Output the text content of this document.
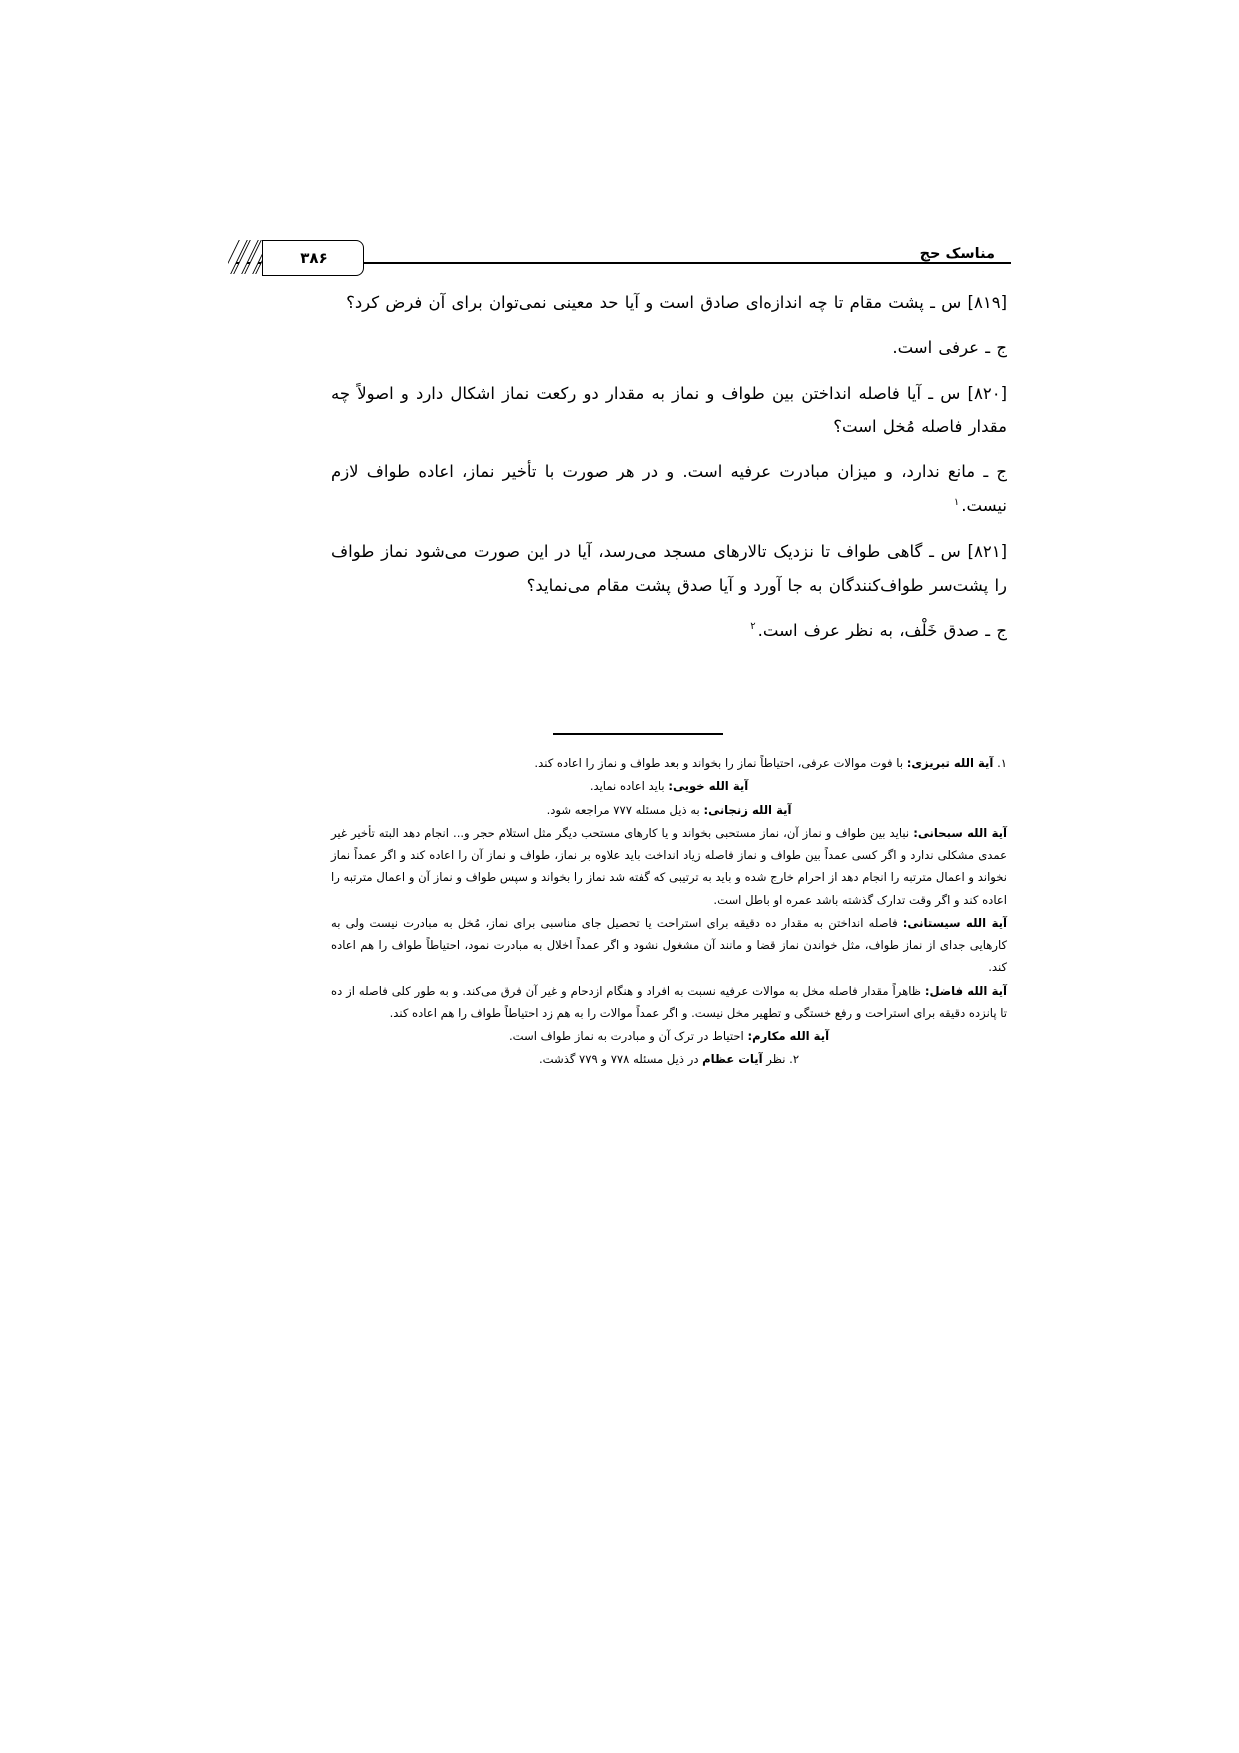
مناسک حج
۳۸۶

[۸۱۹] س ـ پشت مقام تا چه اندازه‌ای صادق است و آیا حد معینی نمی‌توان برای آن فرض کرد؟

ج ـ عرفی است.

[۸۲۰] س ـ آیا فاصله انداختن بین طواف و نماز به مقدار دو رکعت نماز اشکال دارد و اصولاً چه مقدار فاصله مُخل است؟

ج ـ مانع ندارد، و میزان مبادرت عرفیه است. و در هر صورت با تأخیر نماز، اعاده طواف لازم نیست.$^۱$

[۸۲۱] س ـ گاهی طواف تا نزدیک تالارهای مسجد می‌رسد، آیا در این صورت می‌شود نماز طواف را پشت‌سر طواف‌کنندگان به جا آورد و آیا صدق پشت مقام می‌نماید؟

ج ـ صدق خَلْف، به نظر عرف است.$^۲$

۱. آیة الله تبریزی: با فوت موالات عرفی، احتیاطاً نماز را بخواند و بعد طواف و نماز را اعاده کند.

آیة الله خویی: باید اعاده نماید.

آیة الله زنجانی: به ذیل مسئله ۷۷۷ مراجعه شود.

آیة الله سبحانی: نباید بین طواف و نماز آن، نماز مستحبی بخواند و یا کارهای مستحب دیگر مثل استلام حجر و... انجام دهد البته تأخیر غیر عمدی مشکلی ندارد و اگر کسی عمداً بین طواف و نماز فاصله زیاد انداخت باید علاوه بر نماز، طواف و نماز آن را اعاده کند و اگر عمداً نماز نخواند و اعمال مترتبه را انجام دهد از احرام خارج شده و باید به ترتیبی که گفته شد نماز را بخواند و سپس طواف و نماز آن و اعمال مترتبه را اعاده کند و اگر وقت تدارک گذشته باشد عمره او باطل است.

آیة الله سیستانی: فاصله انداختن به مقدار ده دقیقه برای استراحت یا تحصیل جای مناسبی برای نماز، مُخل به مبادرت نیست ولی به کارهایی جدای از نماز طواف، مثل خواندن نماز قضا و مانند آن مشغول نشود و اگر عمداً اخلال به مبادرت نمود، احتیاطاً طواف را هم اعاده کند.

آیة الله فاضل: ظاهراً مقدار فاصله مخل به موالات عرفیه نسبت به افراد و هنگام ازدحام و غیر آن فرق می‌کند. و به طور کلی فاصله از ده تا پانزده دقیقه برای استراحت و رفع خستگی و تطهیر مخل نیست. و اگر عمداً موالات را به هم زد احتیاطاً طواف را هم اعاده کند.

آیة الله مکارم: احتیاط در ترک آن و مبادرت به نماز طواف است.

۲. نظر آیات عظام در ذیل مسئله ۷۷۸ و ۷۷۹ گذشت.
